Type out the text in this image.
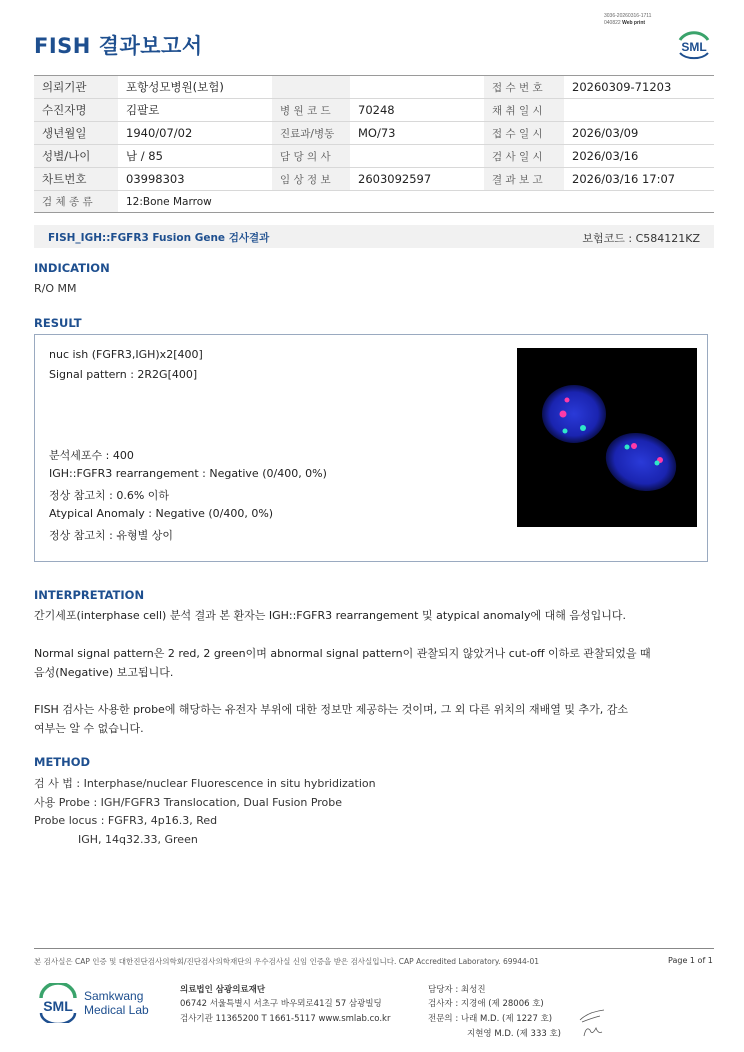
FISH 결과보고서
3036-20260316-1711
040822 Web print
SML
의뢰기관	포항성모병원(보험)			접 수 번 호	20260309-71203
수진자명	김팔로	병 원 코 드	70248	채 취 일 시	
생년월일	1940/07/02	진료과/병동	MO/73	접 수 일 시	2026/03/09
성별/나이	남 / 85	담 당 의 사		검 사 일 시	2026/03/16
차트번호	03998303	임 상 정 보	2603092597	결 과 보 고	2026/03/16 17:07
검 체 종 류	12:Bone Marrow				
FISH_IGH::FGFR3 Fusion Gene 검사결과	보험코드 : C584121KZ
INDICATION
R/O MM
RESULT
nuc ish (FGFR3,IGH)x2[400]
Signal pattern : 2R2G[400]
분석세포수 : 400
IGH::FGFR3 rearrangement : Negative (0/400, 0%)
정상 참고치 : 0.6% 이하
Atypical Anomaly : Negative (0/400, 0%)
정상 참고치 : 유형별 상이
INTERPRETATION
간기세포(interphase cell) 분석 결과 본 환자는 IGH::FGFR3 rearrangement 및 atypical anomaly에 대해 음성입니다.
Normal signal pattern은 2 red, 2 green이며 abnormal signal pattern이 관찰되지 않았거나 cut-off 이하로 관찰되었을 때
음성(Negative) 보고됩니다.
FISH 검사는 사용한 probe에 해당하는 유전자 부위에 대한 정보만 제공하는 것이며, 그 외 다른 위치의 재배열 및 추가, 감소
여부는 알 수 없습니다.
METHOD
검 사 법 : Interphase/nuclear Fluorescence in situ hybridization
사용 Probe : IGH/FGFR3 Translocation, Dual Fusion Probe
Probe locus : FGFR3, 4p16.3, Red
IGH, 14q32.33, Green
본 검사실은 CAP 인증 및 대한진단검사의학회/진단검사의학재단의 우수검사실 신임 인증을 받은 검사실입니다. CAP Accredited Laboratory. 69944-01	Page 1 of 1
SML
Samkwang
Medical Lab
의료법인 삼광의료재단
06742 서울특별시 서초구 바우뫼로41길 57 삼광빌딩
검사기관 11365200 T 1661-5117 www.smlab.co.kr
담당자 : 최성진
검사자 : 지경애 (제 28006 호)
전문의 : 나래 M.D. (제 1227 호)
지현영 M.D. (제 333 호)
